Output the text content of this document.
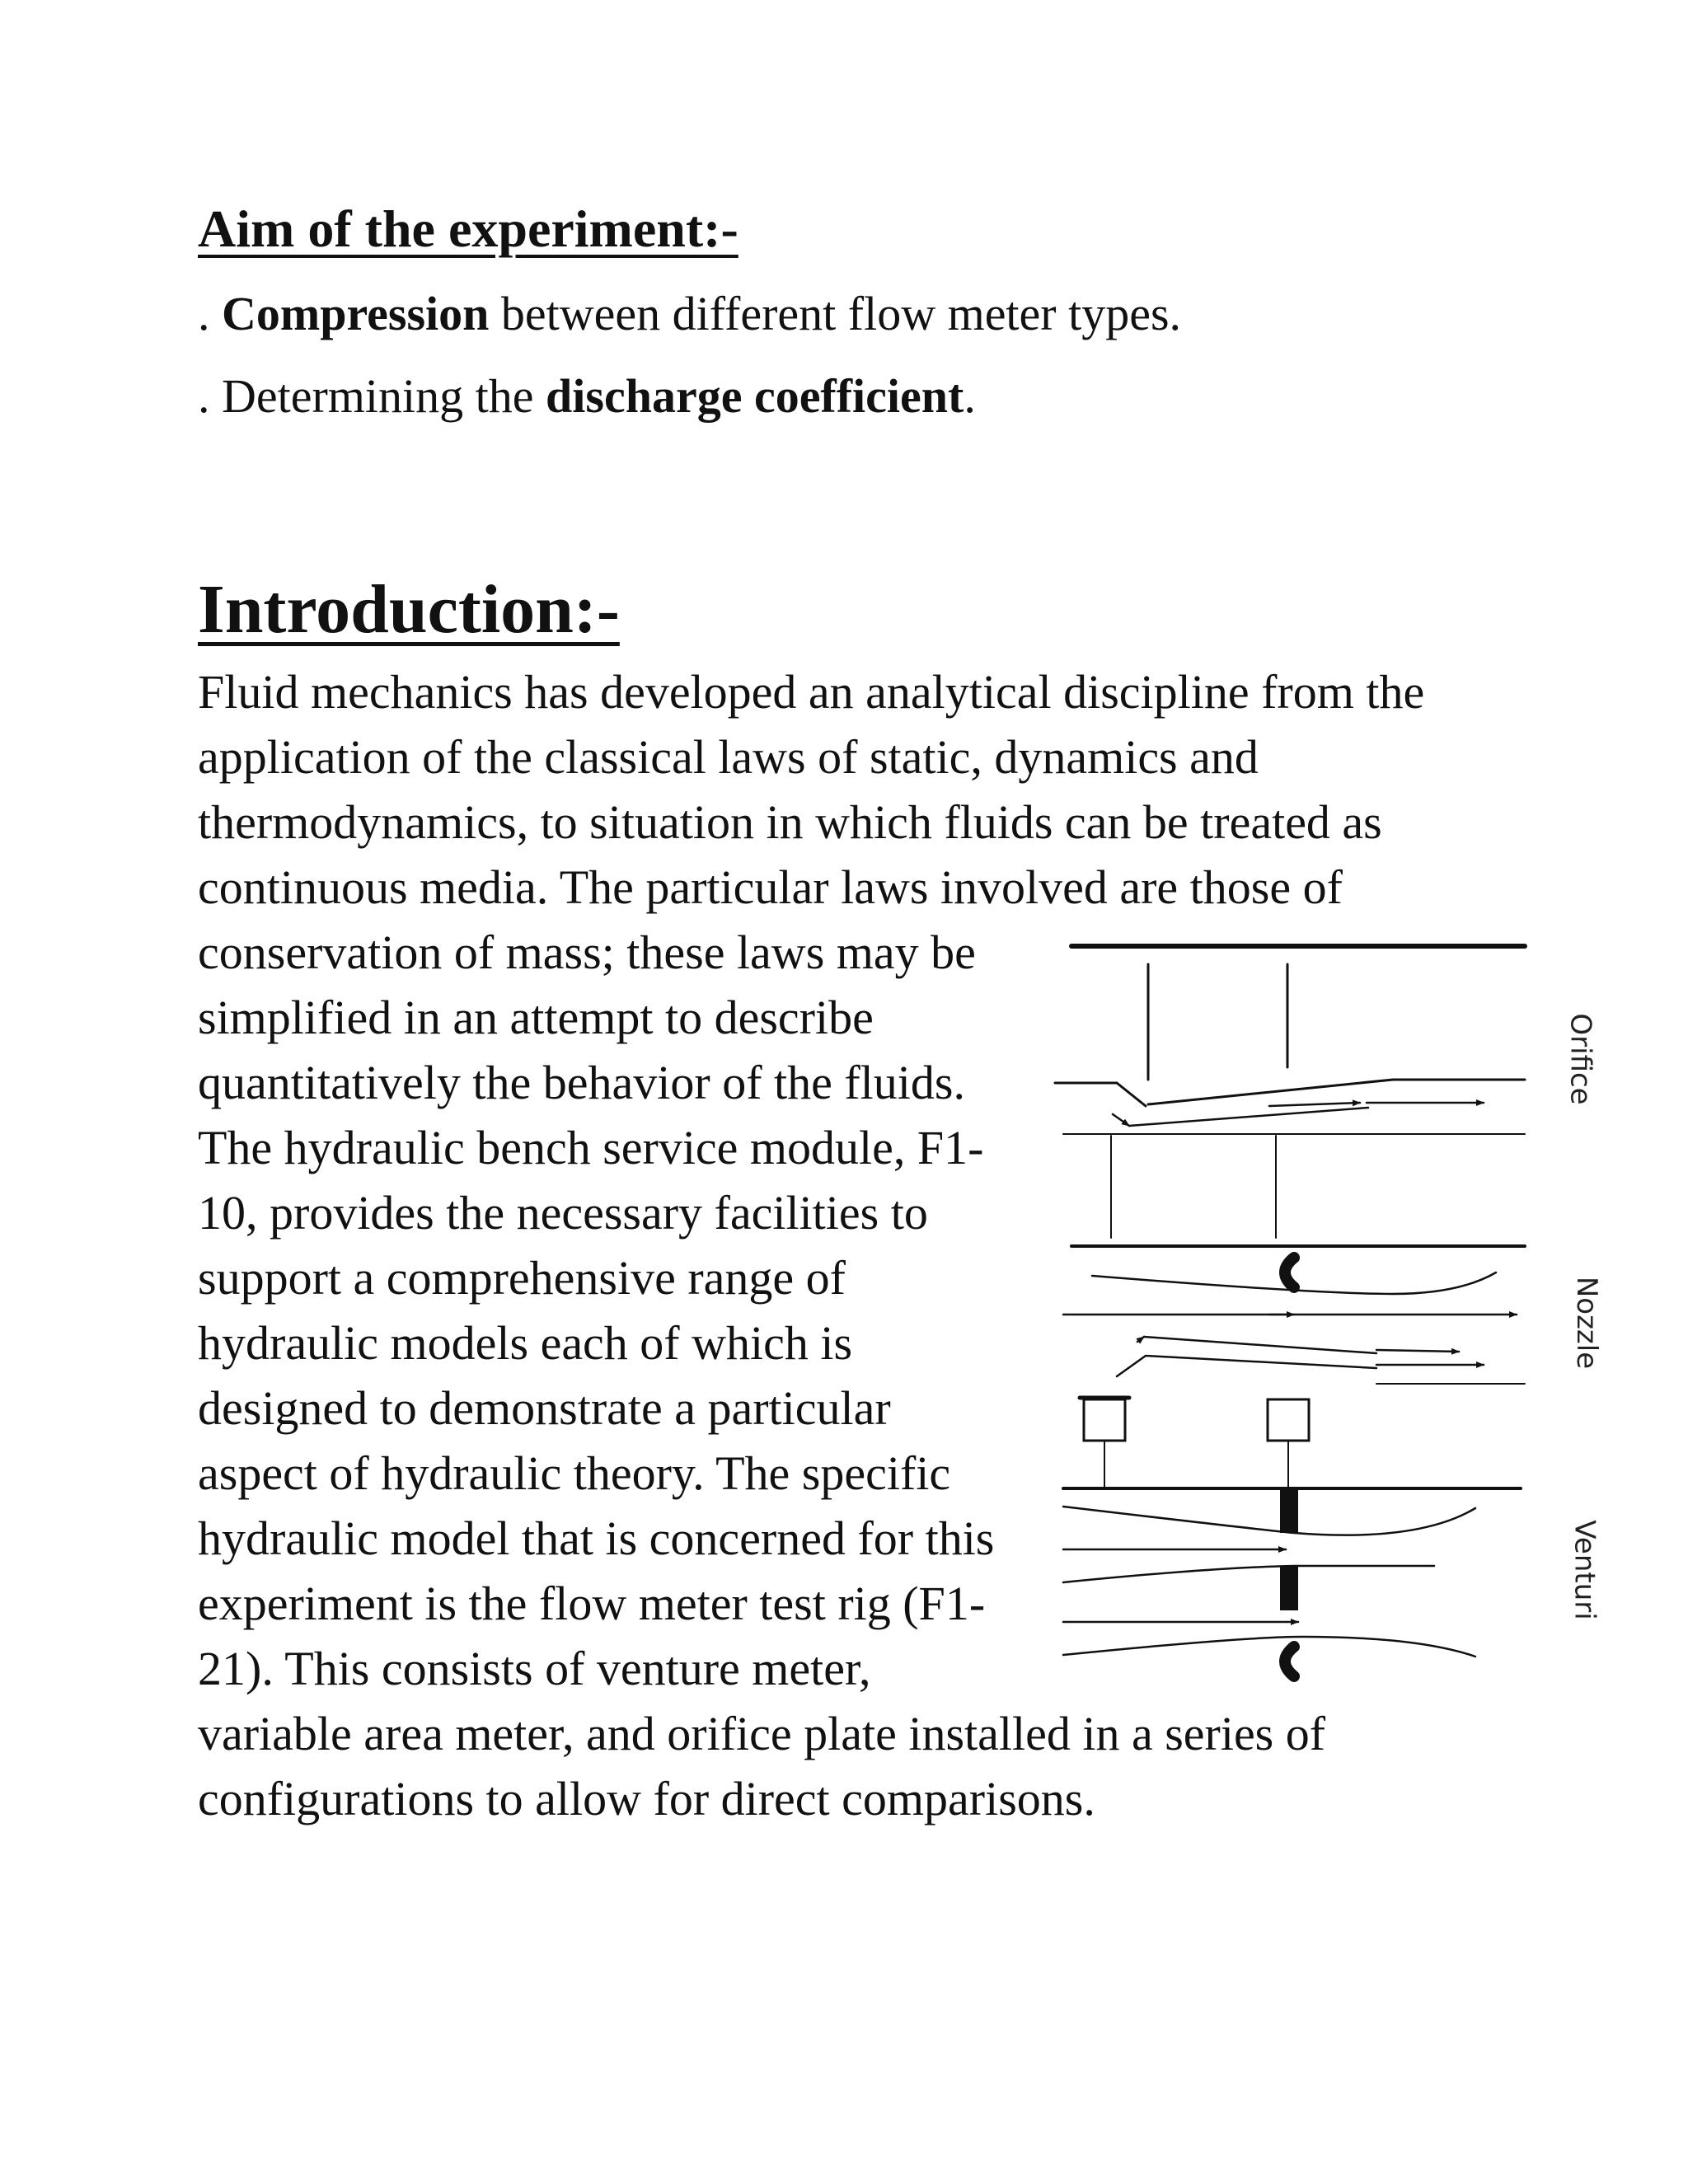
Aim of the experiment:-

. Compression between different flow meter types.

. Determining the discharge coefficient.

Introduction:-

Fluid mechanics has developed an analytical discipline from the

application of the classical laws of static, dynamics and

thermodynamics, to situation in which fluids can be treated as

continuous media. The particular laws involved are those of

conservation of mass; these laws may be

simplified in an attempt to describe

quantitatively the behavior of the fluids.

The hydraulic bench service module, F1-

10, provides the necessary facilities to

support a comprehensive range of

hydraulic models each of which is

designed to demonstrate a particular

aspect of hydraulic theory. The specific

hydraulic model that is concerned for this

experiment is the flow meter test rig (F1-

21). This consists of venture meter,

variable area meter, and orifice plate installed in a series of

configurations to allow for direct comparisons.

Orifice
Nozzle
Venturi
